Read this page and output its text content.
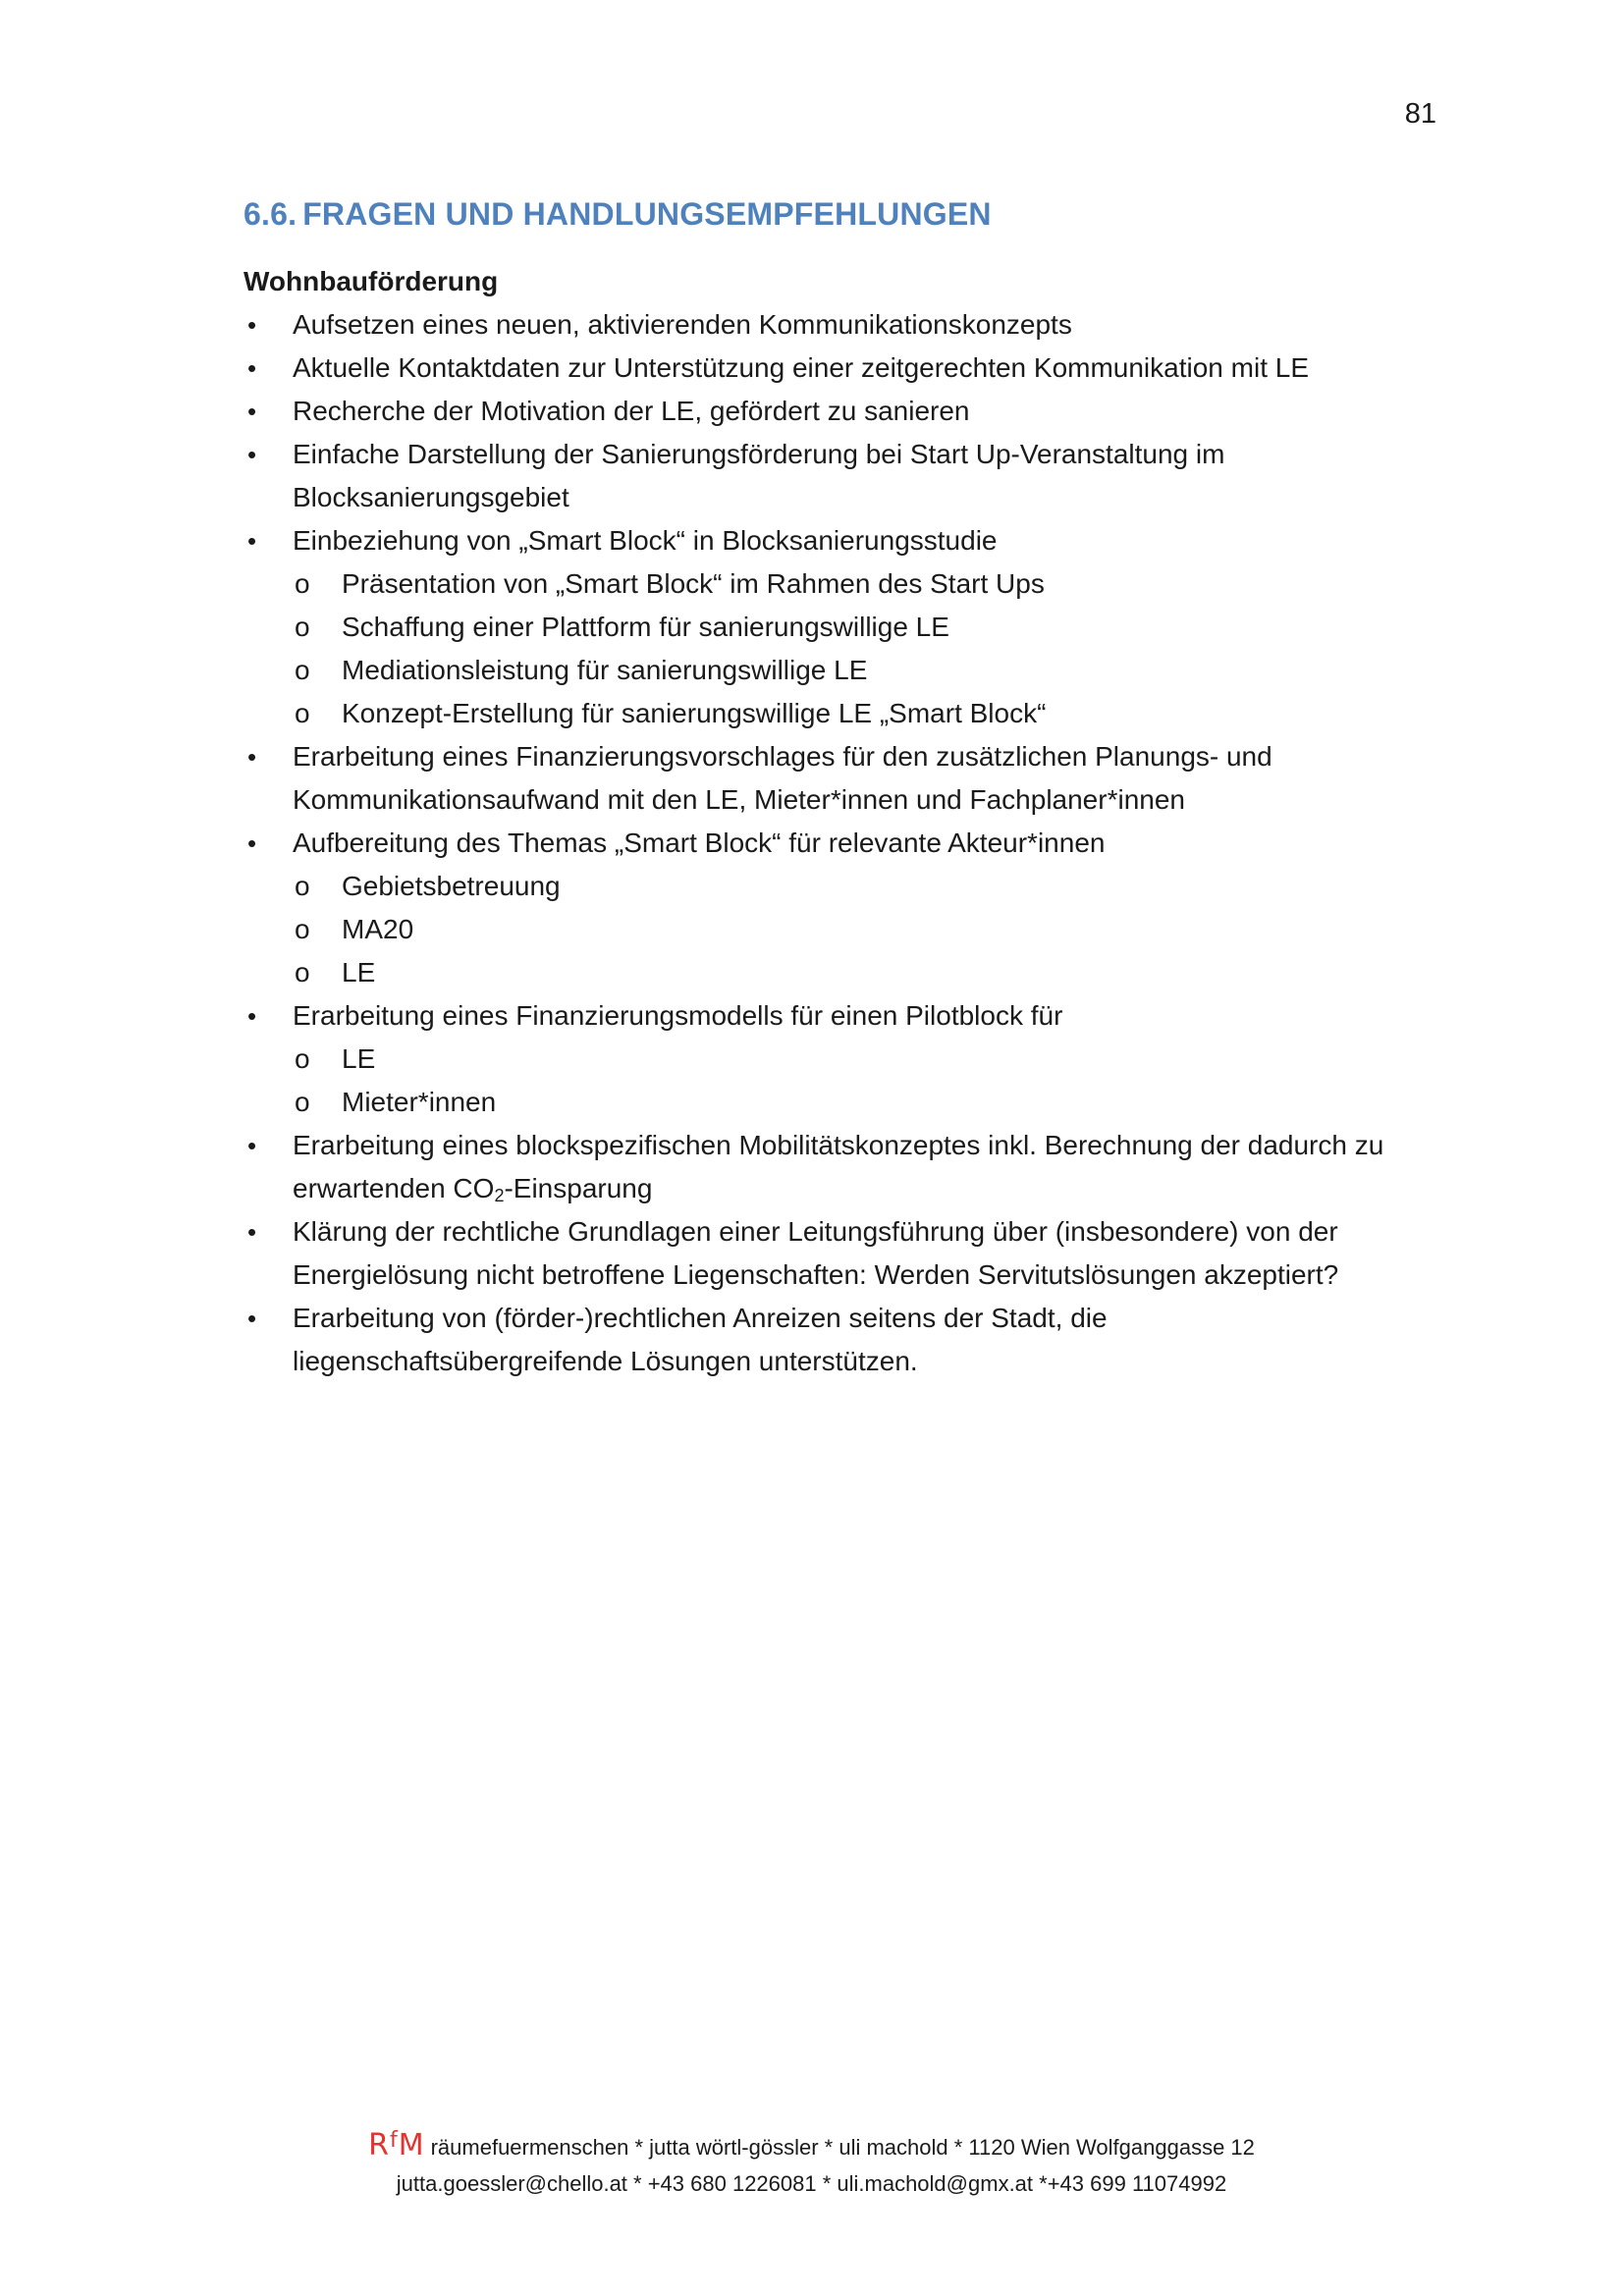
81
6.6. FRAGEN UND HANDLUNGSEMPFEHLUNGEN

Wohnbauförderung

• Aufsetzen eines neuen, aktivierenden Kommunikationskonzepts
• Aktuelle Kontaktdaten zur Unterstützung einer zeitgerechten Kommunikation mit LE
• Recherche der Motivation der LE, gefördert zu sanieren
• Einfache Darstellung der Sanierungsförderung bei Start Up-Veranstaltung im Blocksanierungsgebiet
• Einbeziehung von „Smart Block“ in Blocksanierungsstudie
o Präsentation von „Smart Block“ im Rahmen des Start Ups
o Schaffung einer Plattform für sanierungswillige LE
o Mediationsleistung für sanierungswillige LE
o Konzept-Erstellung für sanierungswillige LE „Smart Block“
• Erarbeitung eines Finanzierungsvorschlages für den zusätzlichen Planungs- und Kommunikationsaufwand mit den LE, Mieter*innen und Fachplaner*innen
• Aufbereitung des Themas „Smart Block“ für relevante Akteur*innen
o Gebietsbetreuung
o MA20
o LE
• Erarbeitung eines Finanzierungsmodells für einen Pilotblock für
o LE
o Mieter*innen
• Erarbeitung eines blockspezifischen Mobilitätskonzeptes inkl. Berechnung der dadurch zu erwartenden $CO_2$-Einsparung
• Klärung der rechtliche Grundlagen einer Leitungsführung über (insbesondere) von der Energielösung nicht betroffene Liegenschaften: Werden Servitutslösungen akzeptiert?
• Erarbeitung von (förder-)rechtlichen Anreizen seitens der Stadt, die liegenschaftsübergreifende Lösungen unterstützen.
$R^fM$ räumefuermenschen * jutta wörtl-gössler * uli machold * 1120 Wien Wolfganggasse 12
jutta.goessler@chello.at * +43 680 1226081 * uli.machold@gmx.at *+43 699 11074992
